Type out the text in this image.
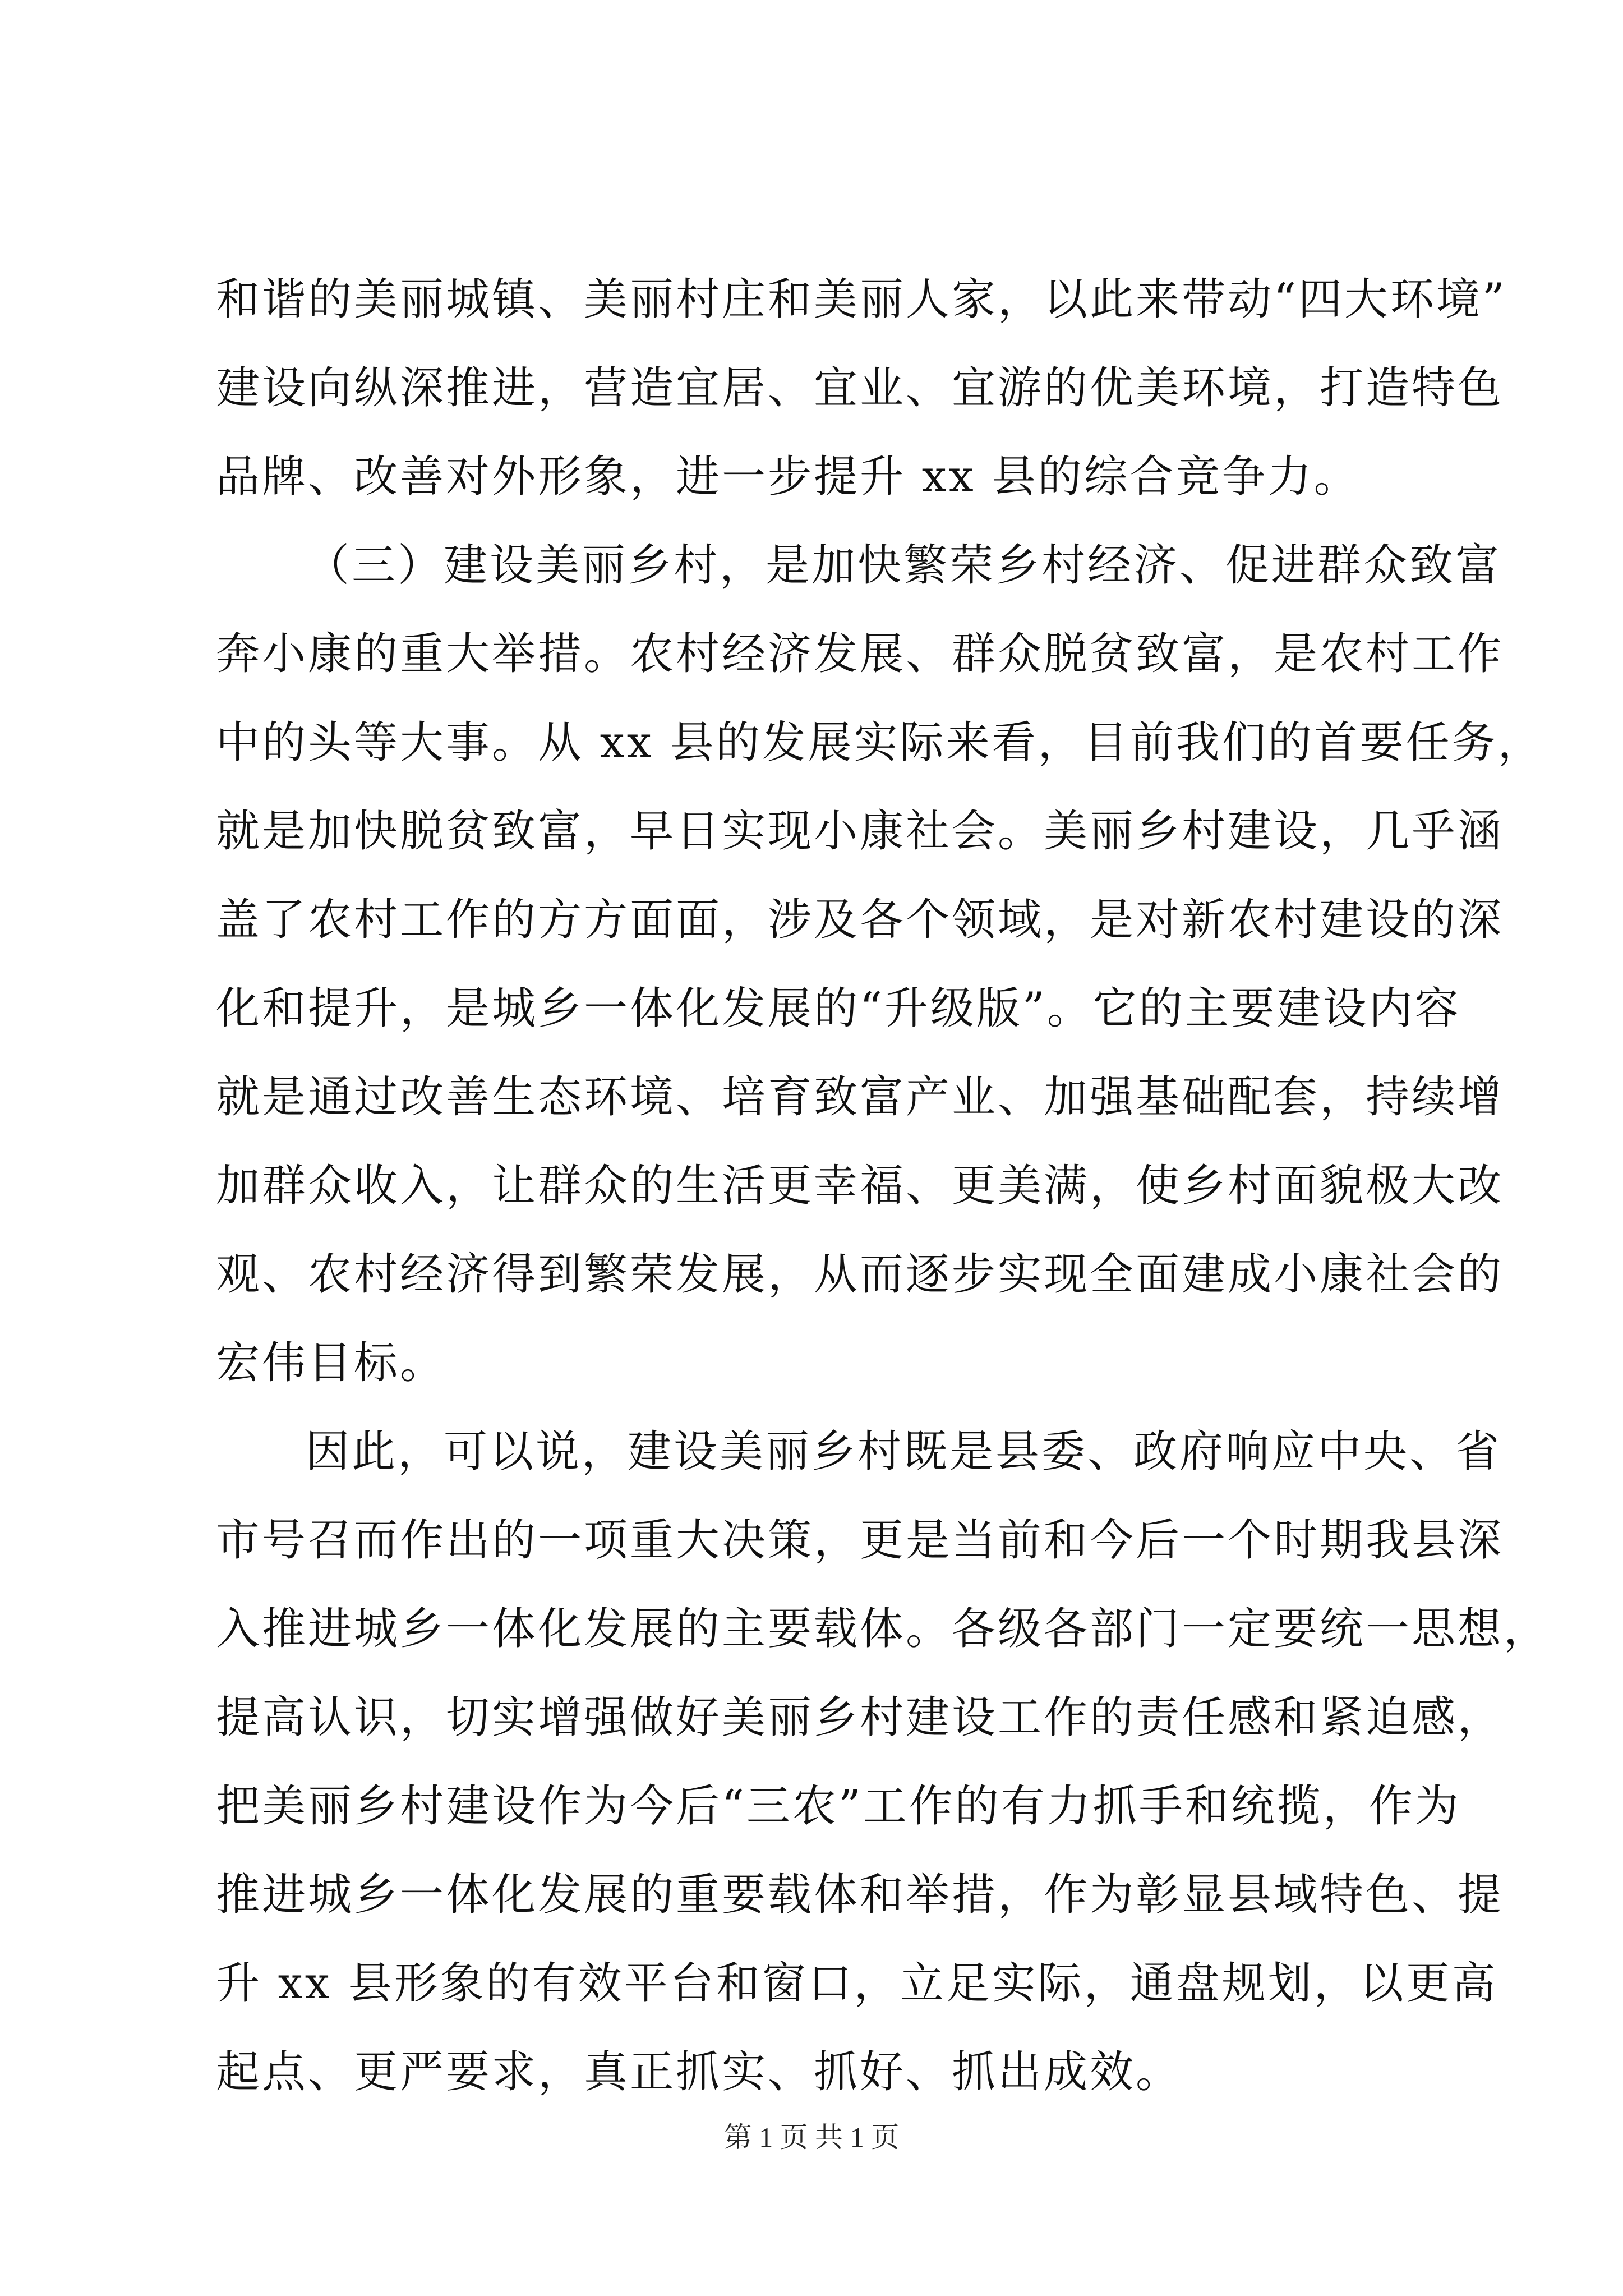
和谐的美丽城镇、美丽村庄和美丽人家，以此来带动“四大环境”
建设向纵深推进，营造宜居、宜业、宜游的优美环境，打造特色
品牌、改善对外形象，进一步提升 xx 县的综合竞争力。
（三）建设美丽乡村，是加快繁荣乡村经济、促进群众致富
奔小康的重大举措。农村经济发展、群众脱贫致富，是农村工作
中的头等大事。从 xx 县的发展实际来看，目前我们的首要任务，
就是加快脱贫致富，早日实现小康社会。美丽乡村建设，几乎涵
盖了农村工作的方方面面，涉及各个领域，是对新农村建设的深
化和提升，是城乡一体化发展的“升级版”。它的主要建设内容
就是通过改善生态环境、培育致富产业、加强基础配套，持续增
加群众收入，让群众的生活更幸福、更美满，使乡村面貌极大改
观、农村经济得到繁荣发展，从而逐步实现全面建成小康社会的
宏伟目标。
因此，可以说，建设美丽乡村既是县委、政府响应中央、省
市号召而作出的一项重大决策，更是当前和今后一个时期我县深
入推进城乡一体化发展的主要载体。各级各部门一定要统一思想，
提高认识，切实增强做好美丽乡村建设工作的责任感和紧迫感，
把美丽乡村建设作为今后“三农”工作的有力抓手和统揽，作为
推进城乡一体化发展的重要载体和举措，作为彰显县域特色、提
升 xx 县形象的有效平台和窗口，立足实际，通盘规划，以更高
起点、更严要求，真正抓实、抓好、抓出成效。
第 1 页 共 1 页
